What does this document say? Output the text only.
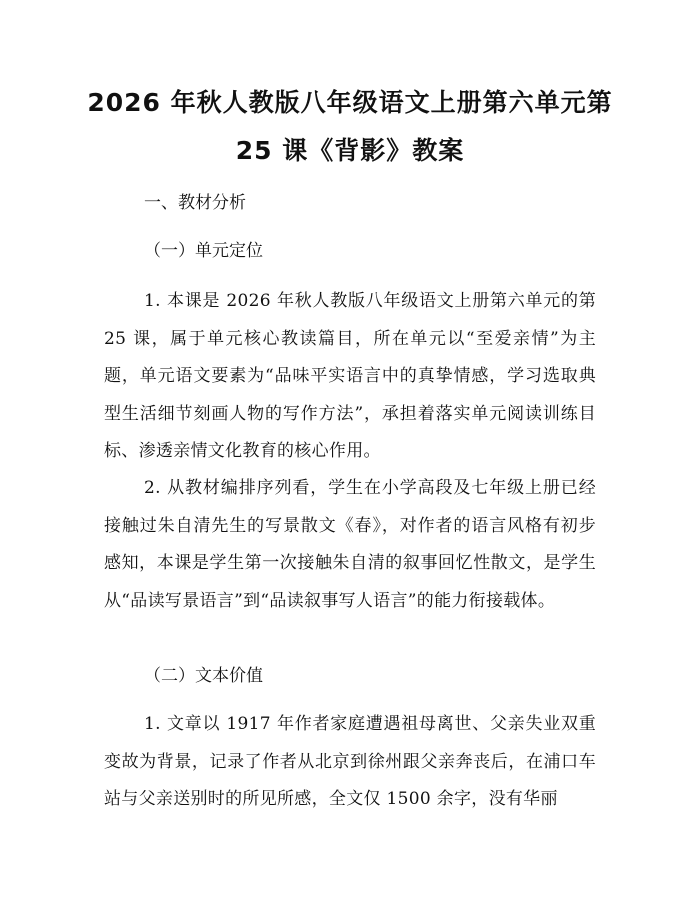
2026 年秋人教版八年级语文上册第六单元第
25 课《背影》教案
一、教材分析
（一）单元定位
1. 本课是 2026 年秋人教版八年级语文上册第六单元的第 25 课，属于单元核心教读篇目，所在单元以“至爱亲情”为主题，单元语文要素为“品味平实语言中的真挚情感，学习选取典型生活细节刻画人物的写作方法”，承担着落实单元阅读训练目标、渗透亲情文化教育的核心作用。
2. 从教材编排序列看，学生在小学高段及七年级上册已经接触过朱自清先生的写景散文《春》，对作者的语言风格有初步感知，本课是学生第一次接触朱自清的叙事回忆性散文，是学生从“品读写景语言”到“品读叙事写人语言”的能力衔接载体。
（二）文本价值
1. 文章以 1917 年作者家庭遭遇祖母离世、父亲失业双重变故为背景，记录了作者从北京到徐州跟父亲奔丧后，在浦口车站与父亲送别时的所见所感，全文仅 1500 余字，没有华丽
